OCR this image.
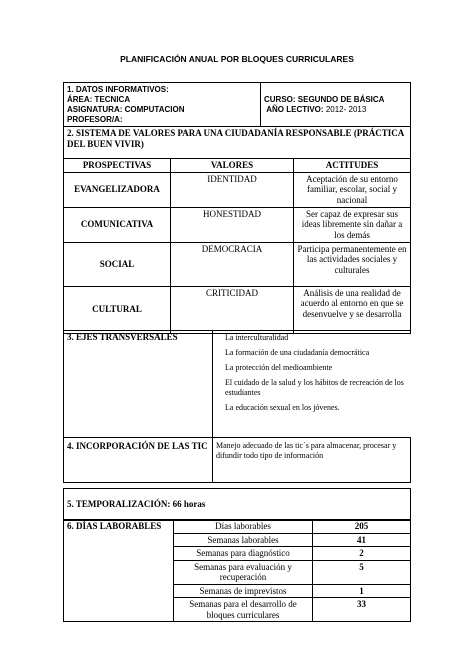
PLANIFICACIÓN ANUAL POR BLOQUES CURRICULARES
1. DATOS INFORMATIVOS:
ÁREA: TECNICA
ASIGNATURA: COMPUTACION
PROFESOR/A:

CURSO: SEGUNDO DE BÁSICA
AÑO LECTIVO: 2012- 2013
2. SISTEMA DE VALORES PARA UNA CIUDADANÍA RESPONSABLE (PRÁCTICA DEL BUEN VIVIR)		
PROSPECTIVAS	VALORES	ACTITUDES
EVANGELIZADORA	IDENTIDAD	Aceptación de su entorno familiar, escolar, social y nacional
COMUNICATIVA	HONESTIDAD	Ser capaz de expresar sus ideas libremente sin dañar a los demás
SOCIAL	DEMOCRACIA	Participa permanentemente en las actividades sociales y culturales
CULTURAL	CRITICIDAD	Análisis de una realidad de acuerdo al entorno en que se desenvuelve y se desarrolla
3. EJES TRANSVERSALES	La interculturalidad
La formación de una ciudadanía democrática
La protección del medioambiente
El cuidado de la salud y los hábitos de recreación de los estudiantes
La educación sexual en los jóvenes.

4. INCORPORACIÓN DE LAS TIC	Manejo adecuado de las tic´s para almacenar, procesar y difundir todo tipo de información
5. TEMPORALIZACIÓN: 66 horas
6. DÍAS LABORABLES	Días laborables	205
	Semanas laborables	41
	Semanas para diagnóstico	2
	Semanas para evaluación y recuperación	5
	Semanas de imprevistos	1
	Semanas para el desarrollo de bloques curriculares	33
